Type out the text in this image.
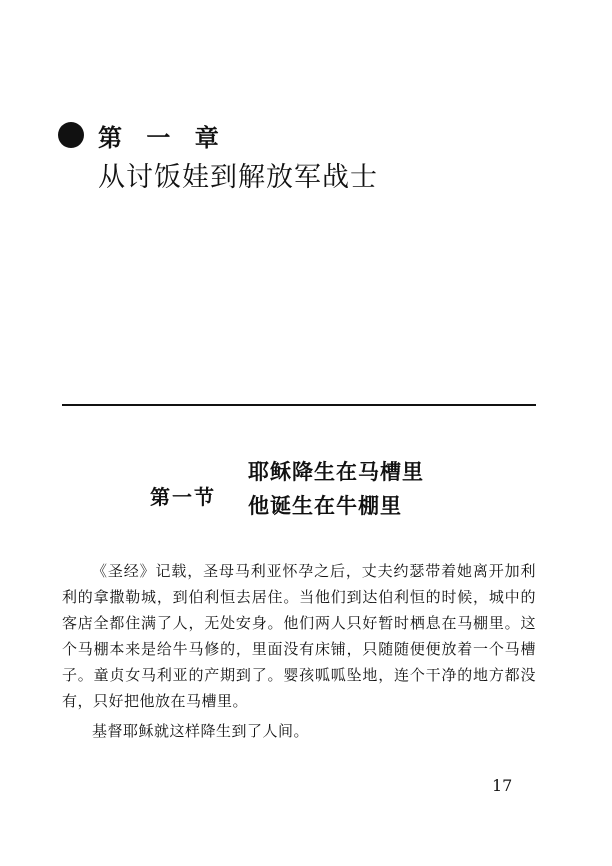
第 一 章
从讨饭娃到解放军战士
第一节
耶稣降生在马槽里
他诞生在牛棚里

《圣经》记载，圣母马利亚怀孕之后，丈夫约瑟带着她离开加利利的拿撒勒城，到伯利恒去居住。当他们到达伯利恒的时候，城中的客店全都住满了人，无处安身。他们两人只好暂时栖息在马棚里。这个马棚本来是给牛马修的，里面没有床铺，只随随便便放着一个马槽子。童贞女马利亚的产期到了。婴孩呱呱坠地，连个干净的地方都没有，只好把他放在马槽里。

基督耶稣就这样降生到了人间。

17
